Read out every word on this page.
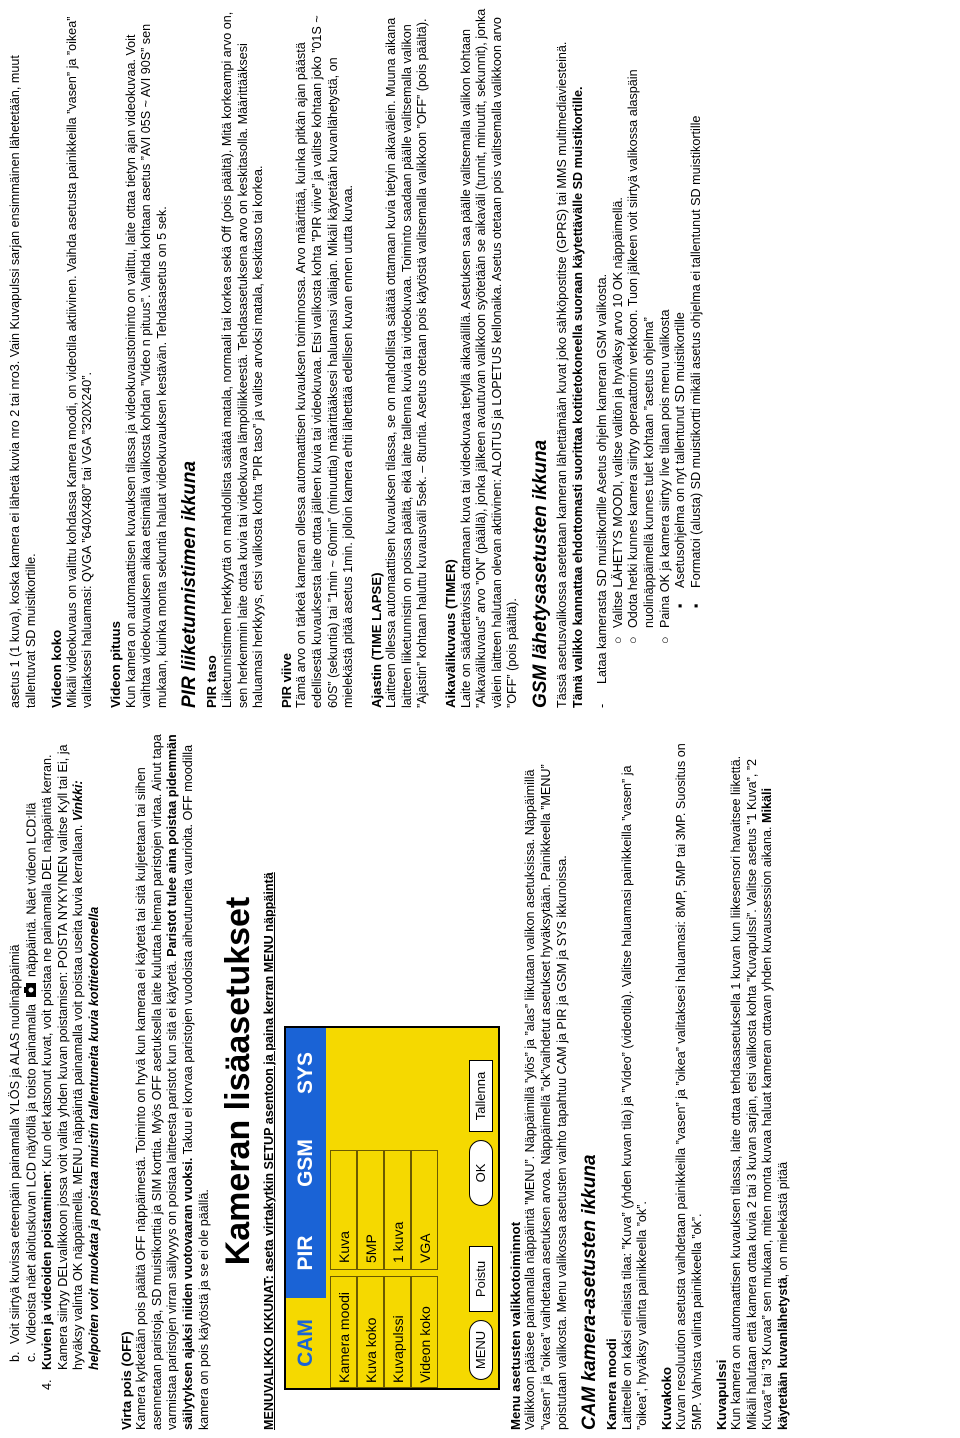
b.
Voit siirtyä kuvissa eteenpäin painamalla YLÖS ja ALAS nuolinäppäimiä
c.
Videoista näet aloituskuvan LCD näytöllä ja toisto painamalla  näppäintä. Näet videon LCD:llä
4.
Kuvien ja videoiden poistaminen: Kun olet katsonut kuvat, voit poistaa ne painamalla DEL näppäintä kerran. Kamera siirtyy DELvalikkoon jossa voit valita yhden kuvan poistamisen: POISTA NYKYINEN valitse Kyll tai Ei, ja hyväksy valinta OK näppäimellä. MENU näppäintä painamalla voit poistaa useita kuvia kerrallaan. Vinkki: helpoiten voit muokata ja poistaa muistin tallentuneita kuvia kotitietokoneella

Virta pois (OFF) Kamera kytketään pois päältä OFF näppäimestä. Toiminto on hyvä kun kameraa ei käytetä tai sitä kuljetetaan tai siihen asennetaan paristoja, SD muistikorttia ja SIM korttia. Myös OFF asetuksella laite kuluttaa hieman paristojen virtaa. Ainut tapa varmistaa paristojen virran säilyvyys on poistaa laitteesta paristot kun sitä ei käytetä. Paristot tulee aina poistaa pidemmän säilytyksen ajaksi niiden vuotovaaran vuoksi. Takuu ei korvaa paristojen vuodoista aiheutuneita vaurioita. OFF moodilla kamera on pois käytöstä ja se ei ole päällä.

Kameran lisäasetukset MENUVALIKKO IKKUNAT: aseta virtakytkin SETUP asentoon ja paina kerran MENU näppäintä CAM
PIR
GSM
SYS
Kamera moodi
Kuva
Kuva koko
5MP
Kuvapulssi
1 kuva
Videon koko
VGA
MENU
Poistu
OK
Tallenna

Menu asetusten valikkotoiminnot Valikkoon pääsee painamalla näppäintä ”MENU”. Näppäimillä ”ylös” ja ”alas” liikutaan valikon asetuksissa. Näppäimillä ”vasen” ja ”oikea” vaihdetaan asetuksen arvoa. Näppäimellä ”ok”vaihdetut asetukset hyväksytään. Painikkeella ”MENU” poistutaan valikosta. Menu valikossa asetusten vaihto tapahtuu CAM ja PIR ja GSM ja SYS ikkunoissa. CAM kamera-asetusten ikkuna Kamera moodi Laitteelle on kaksi erilaista tilaa: ”Kuva” (yhden kuvan tila) ja ”Video” (videotila). Valitse haluamasi painikkeilla ”vasen” ja ”oikea”, hyväksy valinta painikkeella ”ok”. Kuvakoko Kuvan resoluution asetusta vaihdetaan painikkeilla ”vasen” ja ”oikea” valitaksesi haluamasi: 8MP, 5MP tai 3MP. Suositus on 5MP. Vahvista valinta painikkeella ”ok”. Kuvapulssi Kun kamera on automaattisen kuvauksen tilassa, laite ottaa tehdasasetuksella 1 kuvan kun liikesensori havaitsee liikettä. Mikäli halutaan että kamera ottaa kuvia 2 tai 3 kuvan sarjan, etsi valikosta kohta ”Kuvapulssi”. Valitse asetus ”1 Kuva”, ”2 Kuvaa” tai ”3 Kuvaa” sen mukaan, miten monta kuvaa haluat kameran ottavan yhden kuvaussession aikana. Mikäli käytetään kuvanlähetystä, on mielekästä pitää

asetus 1 (1 kuva), koska kamera ei lähetä kuvia nro 2 tai nro3. Vain Kuvapulssi sarjan ensimmäinen lähetetään, muut tallentuvat SD muistikortille. Videon koko Mikäli videokuvaus on valittu kohdassa Kamera moodi, on videotila aktiivinen. Vaihda asetusta painikkeilla ”vasen” ja ”oikea” valitaksesi haluamasi: QVGA ”640X480” tai VGA ”320X240”. Videon pituus Kun kamera on automaattisen kuvauksen tilassa ja videokuvaustoiminto on valittu, laite ottaa tietyn ajan videokuvaa. Voit vaihtaa videokuvauksen aikaa etsimällä valikosta kohdan ”Video n pituus”. Vaihda kohtaan asetus ”AVI 05S ~ AVI 90S” sen mukaan, kuinka monta sekuntia haluat videokuvauksen kestävän. Tehdasasetus on 5 sek. PIR liiketunnistimen ikkuna PIR taso Liiketunnistimen herkkyyttä on mahdollista säätää matala, normaali tai korkea sekä Off (pois päältä). Mitä korkeampi arvo on, sen herkemmin laite ottaa kuvia tai videokuvaa lämpöliikkeestä. Tehdasasetuksena arvo on keskitasolla. Määrittääksesi haluamasi herkkyys, etsi valikosta kohta ”PIR taso” ja valitse arvoksi matala, keskitaso tai korkea. PIR viive Tämä arvo on tärkeä kameran ollessa automaattisen kuvauksen toiminnossa. Arvo määrittää, kuinka pitkän ajan päästä edellisestä kuvauksesta laite ottaa jälleen kuvia tai videokuvaa. Etsi valikosta kohta ”PIR viive” ja valitse kohtaan joko ”01S ~ 60S” (sekuntia) tai ”1min ~ 60min” (minuuttia) määrittääksesi haluamasi väliajan. Mikäli käytetään kuvanlähetystä, on mielekästä pitää asetus 1min. jolloin kamera ehtii lähettää edellisen kuvan ennen uutta kuvaa. Ajastin (TIME LAPSE) Laitteen ollessa automaattisen kuvauksen tilassa, se on mahdollista säätää ottamaan kuvia tietyin aikavälein. Muuna aikana laitteen liiketunnistin on poissa päältä, eikä laite tallenna kuvia tai videokuvaa. Toiminto saadaan päälle valitsemalla valikon ”Ajastin” kohtaan haluttu kuvausväli 5sek. – 8tuntia. Asetus otetaan pois käytöstä valitsemalla valikkoon ”OFF” (pois päältä). Aikavälikuvaus (TIMER) Laite on säädettävissä ottamaan kuva tai videokuvaa tietyllä aikavälillä. Asetuksen saa päälle valitsemalla valikon kohtaan ”Aikavälikuvaus” arvo ”ON” (päällä), jonka jälkeen avautuvan valikkoon syötetään se aikaväli (tunnit, minuutit, sekunnit), jonka välein laitteen halutaan olevan aktiivinen: ALOITUS ja LOPETUS kellonaika. Asetus otetaan pois valitsemalla valikkoon arvo ”OFF” (pois päältä). GSM lähetysasetusten ikkuna Tässä asetusvalikossa asetetaan kameran lähettämään kuvat joko sähköpostitse (GPRS) tai MMS multimediaviesteinä. Tämä valikko kannattaa ehdottomasti suorittaa kotitietokoneella suoraan käytettävälle SD muistikortille. -
Lataa kamerasta SD muistikortille Asetus ohjelm kameran GSM valikosta. ○
Valitse LÄHETYS MOODI, valitse valitön ja hyväksy arvo 10 OK näppäimellä.
○
Odota hetki kunnes kamera siirtyy operaattorin verkkoon. Tuon jälkeen voit siirtyä valikossa alaspäin nuolinäppäimellä kunnes tulet kohtaan ”asetus ohjelma”
○
Paina OK ja kamera siirtyy live tilaan pois menu valikosta ▪
Asetusohjelma on nyt tallentunut SD muistikortille
▪
Formatoi (alusta) SD muistikortti mikäli asetus ohjelma ei tallentunut SD muistikortille
